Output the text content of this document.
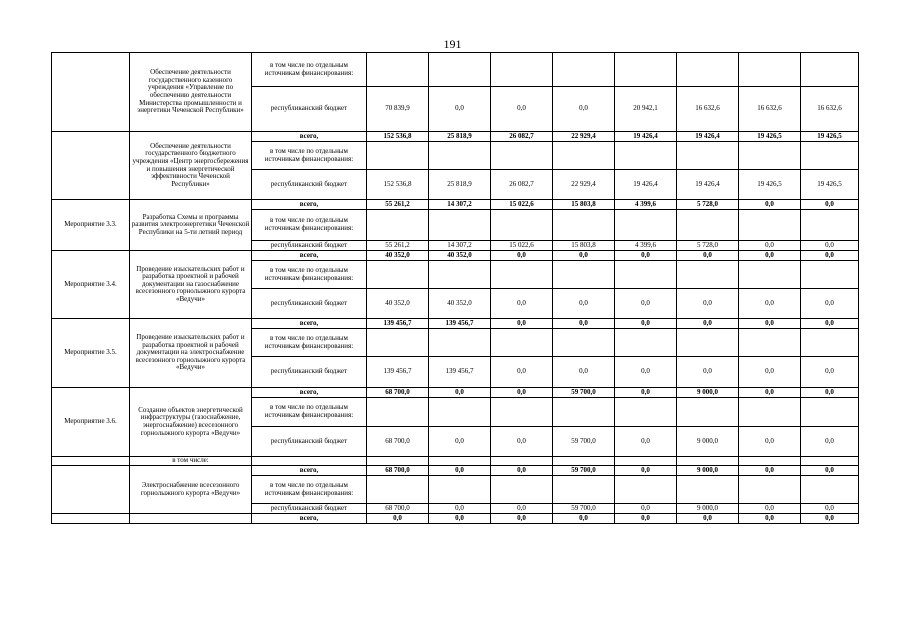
191
	Обеспечение деятельности государственного казенного учреждения «Управление по обеспечению деятельности Министерства промышленности и энергетики Чеченской Республики»	в том числе по отдельным источникам финансирования:								
		республиканский бюджет	70 839,9	0,0	0,0	0,0	20 942,1	16 632,6	16 632,6	16 632,6
	Обеспечение деятельности государственного бюджетного учреждения «Центр энергосбережения и повышения энергетической эффективности Чеченской Республики»	всего,	152 536,8	25 818,9	26 082,7	22 929,4	19 426,4	19 426,4	19 426,5	19 426,5
		в том числе по отдельным источникам финансирования:								
		республиканский бюджет	152 536,8	25 818,9	26 082,7	22 929,4	19 426,4	19 426,4	19 426,5	19 426,5
Мероприятие 3.3.	Разработка Схемы и программы развития электроэнергетики Чеченской Республики на 5-ти летний период	всего,	55 261,2	14 307,2	15 022,6	15 803,8	4 399,6	5 728,0	0,0	0,0
		в том числе по отдельным источникам финансирования:								
		республиканский бюджет	55 261,2	14 307,2	15 022,6	15 803,8	4 399,6	5 728,0	0,0	0,0
Мероприятие 3.4.	Проведение изыскательских работ и разработка проектной и рабочей документации на газоснабжение всесезонного горнолыжного курорта «Ведучи»	всего,	40 352,0	40 352,0	0,0	0,0	0,0	0,0	0,0	0,0
		в том числе по отдельным источникам финансирования:								
		республиканский бюджет	40 352,0	40 352,0	0,0	0,0	0,0	0,0	0,0	0,0
Мероприятие 3.5.	Проведение изыскательских работ и разработка проектной и рабочей документации на электроснабжение всесезонного горнолыжного курорта «Ведучи»	всего,	139 456,7	139 456,7	0,0	0,0	0,0	0,0	0,0	0,0
		в том числе по отдельным источникам финансирования:								
		республиканский бюджет	139 456,7	139 456,7	0,0	0,0	0,0	0,0	0,0	0,0
Мероприятие 3.6.	Создание объектов энергетической инфраструктуры (газоснабжение, энергоснабжение) всесезонного горнолыжного курорта «Ведучи»	всего,	68 700,0	0,0	0,0	59 700,0	0,0	9 000,0	0,0	0,0
		в том числе по отдельным источникам финансирования:								
		республиканский бюджет	68 700,0	0,0	0,0	59 700,0	0,0	9 000,0	0,0	0,0
	в том числе:									
	Электроснабжение всесезонного горнолыжного курорта «Ведучи»	всего,	68 700,0	0,0	0,0	59 700,0	0,0	9 000,0	0,0	0,0
		в том числе по отдельным источникам финансирования:								
		республиканский бюджет	68 700,0	0,0	0,0	59 700,0	0,0	9 000,0	0,0	0,0
		всего,	0,0	0,0	0,0	0,0	0,0	0,0	0,0	0,0
